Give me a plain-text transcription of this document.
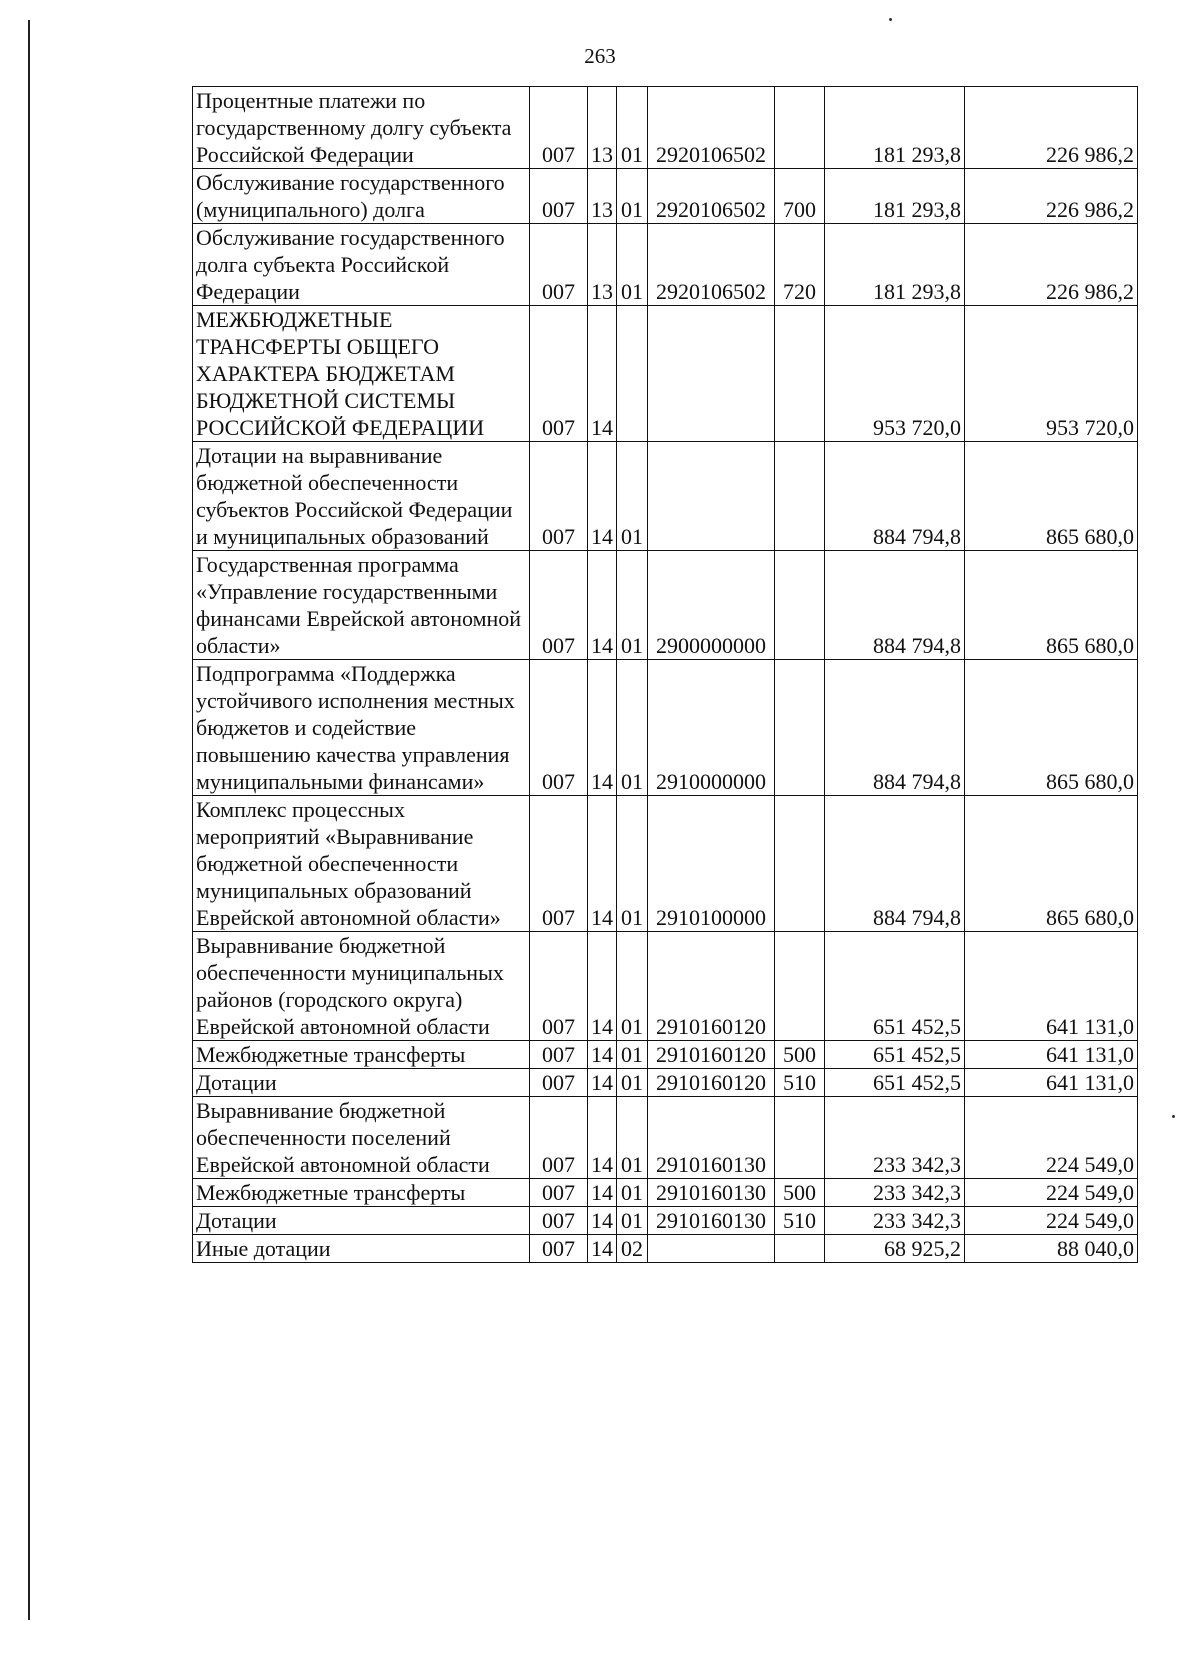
263
Процентные платежи по государственному долгу субъекта Российской Федерации	007	13	01	2920106502		181 293,8	226 986,2
Обслуживание государственного (муниципального) долга	007	13	01	2920106502	700	181 293,8	226 986,2
Обслуживание государственного долга субъекта Российской Федерации	007	13	01	2920106502	720	181 293,8	226 986,2
МЕЖБЮДЖЕТНЫЕ ТРАНСФЕРТЫ ОБЩЕГО ХАРАКТЕРА БЮДЖЕТАМ БЮДЖЕТНОЙ СИСТЕМЫ РОССИЙСКОЙ ФЕДЕРАЦИИ	007	14				953 720,0	953 720,0
Дотации на выравнивание бюджетной обеспеченности субъектов Российской Федерации и муниципальных образований	007	14	01			884 794,8	865 680,0
Государственная программа «Управление государственными финансами Еврейской автономной области»	007	14	01	2900000000		884 794,8	865 680,0
Подпрограмма «Поддержка устойчивого исполнения местных бюджетов и содействие повышению качества управления муниципальными финансами»	007	14	01	2910000000		884 794,8	865 680,0
Комплекс процессных мероприятий «Выравнивание бюджетной обеспеченности муниципальных образований Еврейской автономной области»	007	14	01	2910100000		884 794,8	865 680,0
Выравнивание бюджетной обеспеченности муниципальных районов (городского округа) Еврейской автономной области	007	14	01	2910160120		651 452,5	641 131,0
Межбюджетные трансферты	007	14	01	2910160120	500	651 452,5	641 131,0
Дотации	007	14	01	2910160120	510	651 452,5	641 131,0
Выравнивание бюджетной обеспеченности поселений Еврейской автономной области	007	14	01	2910160130		233 342,3	224 549,0
Межбюджетные трансферты	007	14	01	2910160130	500	233 342,3	224 549,0
Дотации	007	14	01	2910160130	510	233 342,3	224 549,0
Иные дотации	007	14	02			68 925,2	88 040,0
